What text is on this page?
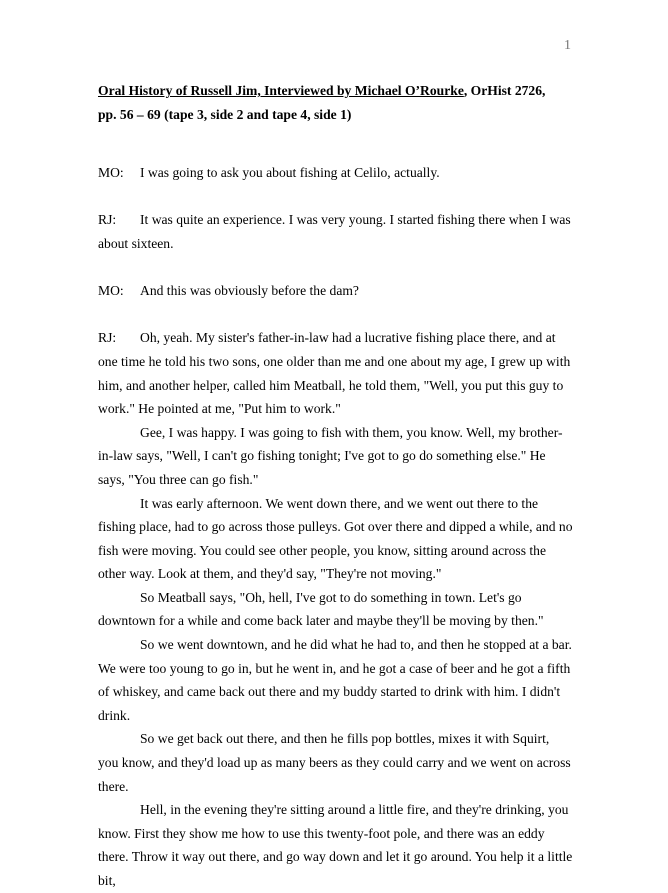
1

Oral History of Russell Jim, Interviewed by Michael O’Rourke, OrHist 2726,
pp. 56 – 69 (tape 3, side 2 and tape 4, side 1)

MO:	I was going to ask you about fishing at Celilo, actually.

RJ: It was quite an experience. I was very young. I started fishing there when I was about sixteen.

MO:	And this was obviously before the dam?

RJ: Oh, yeah. My sister's father-in-law had a lucrative fishing place there, and at one time he told his two sons, one older than me and one about my age, I grew up with him, and another helper, called him Meatball, he told them, "Well, you put this guy to work." He pointed at me, "Put him to work."

Gee, I was happy. I was going to fish with them, you know. Well, my brother-in-law says, "Well, I can't go fishing tonight; I've got to go do something else." He says, "You three can go fish."

It was early afternoon. We went down there, and we went out there to the fishing place, had to go across those pulleys. Got over there and dipped a while, and no fish were moving. You could see other people, you know, sitting around across the other way. Look at them, and they'd say, "They're not moving."

So Meatball says, "Oh, hell, I've got to do something in town. Let's go downtown for a while and come back later and maybe they'll be moving by then."

So we went downtown, and he did what he had to, and then he stopped at a bar. We were too young to go in, but he went in, and he got a case of beer and he got a fifth of whiskey, and came back out there and my buddy started to drink with him. I didn't drink.

So we get back out there, and then he fills pop bottles, mixes it with Squirt, you know, and they'd load up as many beers as they could carry and we went on across there.

Hell, in the evening they're sitting around a little fire, and they're drinking, you know. First they show me how to use this twenty-foot pole, and there was an eddy there. Throw it way out there, and go way down and let it go around. You help it a little bit,
